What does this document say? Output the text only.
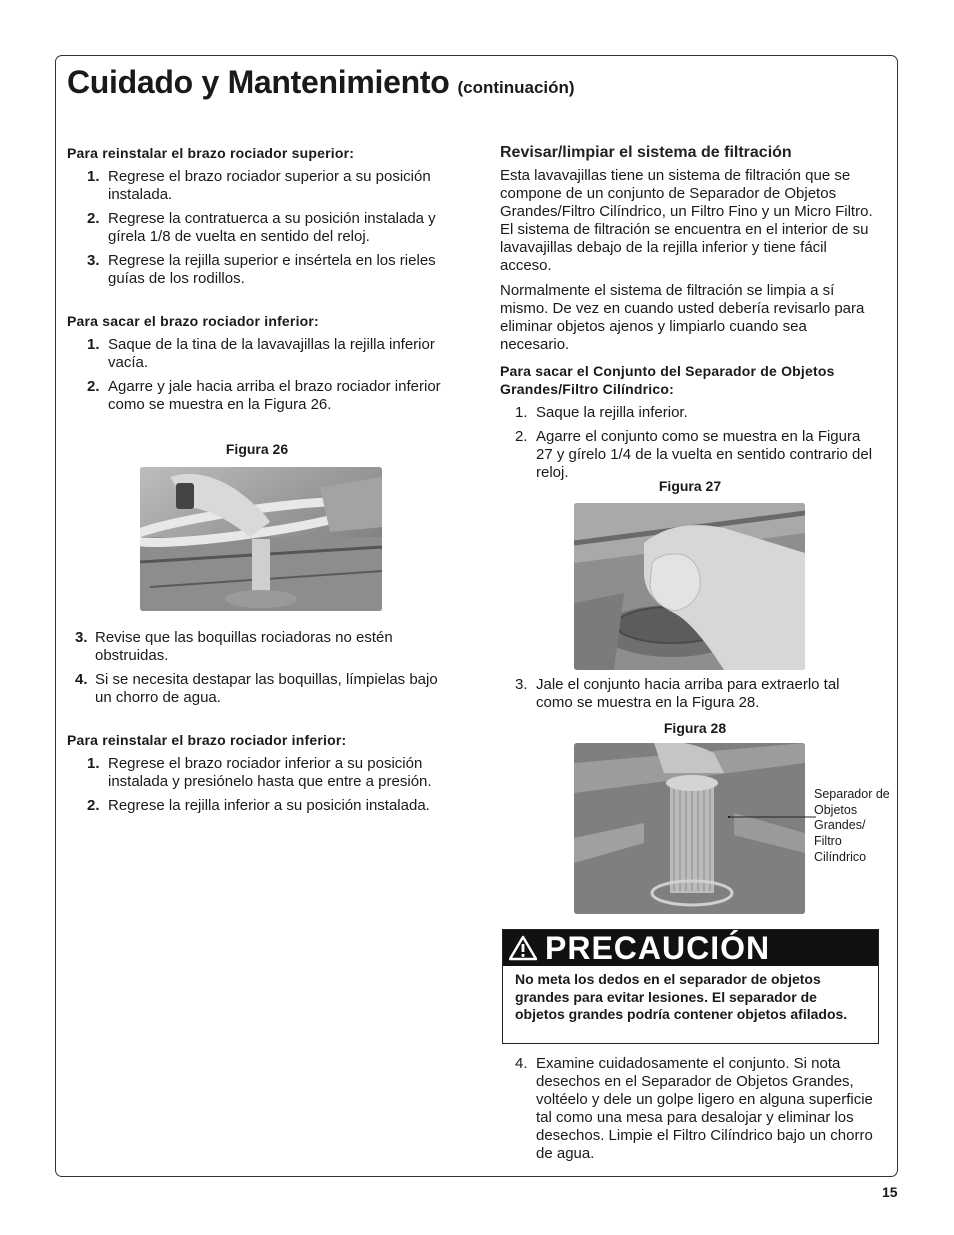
Cuidado y Mantenimiento (continuación)
Para reinstalar el brazo rociador superior:
1. Regrese el brazo rociador superior a su posición instalada.
2. Regrese la contratuerca a su posición instalada y gírela 1/8 de vuelta en sentido del reloj.
3. Regrese la rejilla superior e insértela en los rieles guías de los rodillos.
Para sacar el brazo rociador inferior:
1. Saque de la tina de la lavavajillas la rejilla inferior vacía.
2. Agarre y jale hacia arriba el brazo rociador inferior como se muestra en la Figura 26.
Figura 26
3. Revise que las boquillas rociadoras no estén obstruidas.
4. Si se necesita destapar las boquillas, límpielas bajo un chorro de agua.
Para reinstalar el brazo rociador inferior:
1. Regrese el brazo rociador inferior a su posición instalada y presiónelo hasta que entre a presión.
2. Regrese la rejilla inferior a su posición instalada.
Revisar/limpiar el sistema de filtración

Esta lavavajillas tiene un sistema de filtración que se compone de un conjunto de Separador de Objetos Grandes/Filtro Cilíndrico, un Filtro Fino y un Micro Filtro. El sistema de filtración se encuentra en el interior de su lavavajillas debajo de la rejilla inferior y tiene fácil acceso.

Normalmente el sistema de filtración se limpia a sí mismo. De vez en cuando usted debería revisarlo para eliminar objetos ajenos y limpiarlo cuando sea necesario.

Para sacar el Conjunto del Separador de Objetos Grandes/Filtro Cilíndrico:
1. Saque la rejilla inferior.
2. Agarre el conjunto como se muestra en la Figura 27 y gírelo 1/4 de la vuelta en sentido contrario del reloj.
Figura 27
3. Jale el conjunto hacia arriba para extraerlo tal como se muestra en la Figura 28.
Figura 28
Separador de Objetos Grandes/ Filtro Cilíndrico
PRECAUCIÓN
No meta los dedos en el separador de objetos grandes para evitar lesiones. El separador de objetos grandes podría contener objetos afilados.
4. Examine cuidadosamente el conjunto. Si nota desechos en el Separador de Objetos Grandes, voltéelo y dele un golpe ligero en alguna superficie tal como una mesa para desalojar y eliminar los desechos. Limpie el Filtro Cilíndrico bajo un chorro de agua.
15
